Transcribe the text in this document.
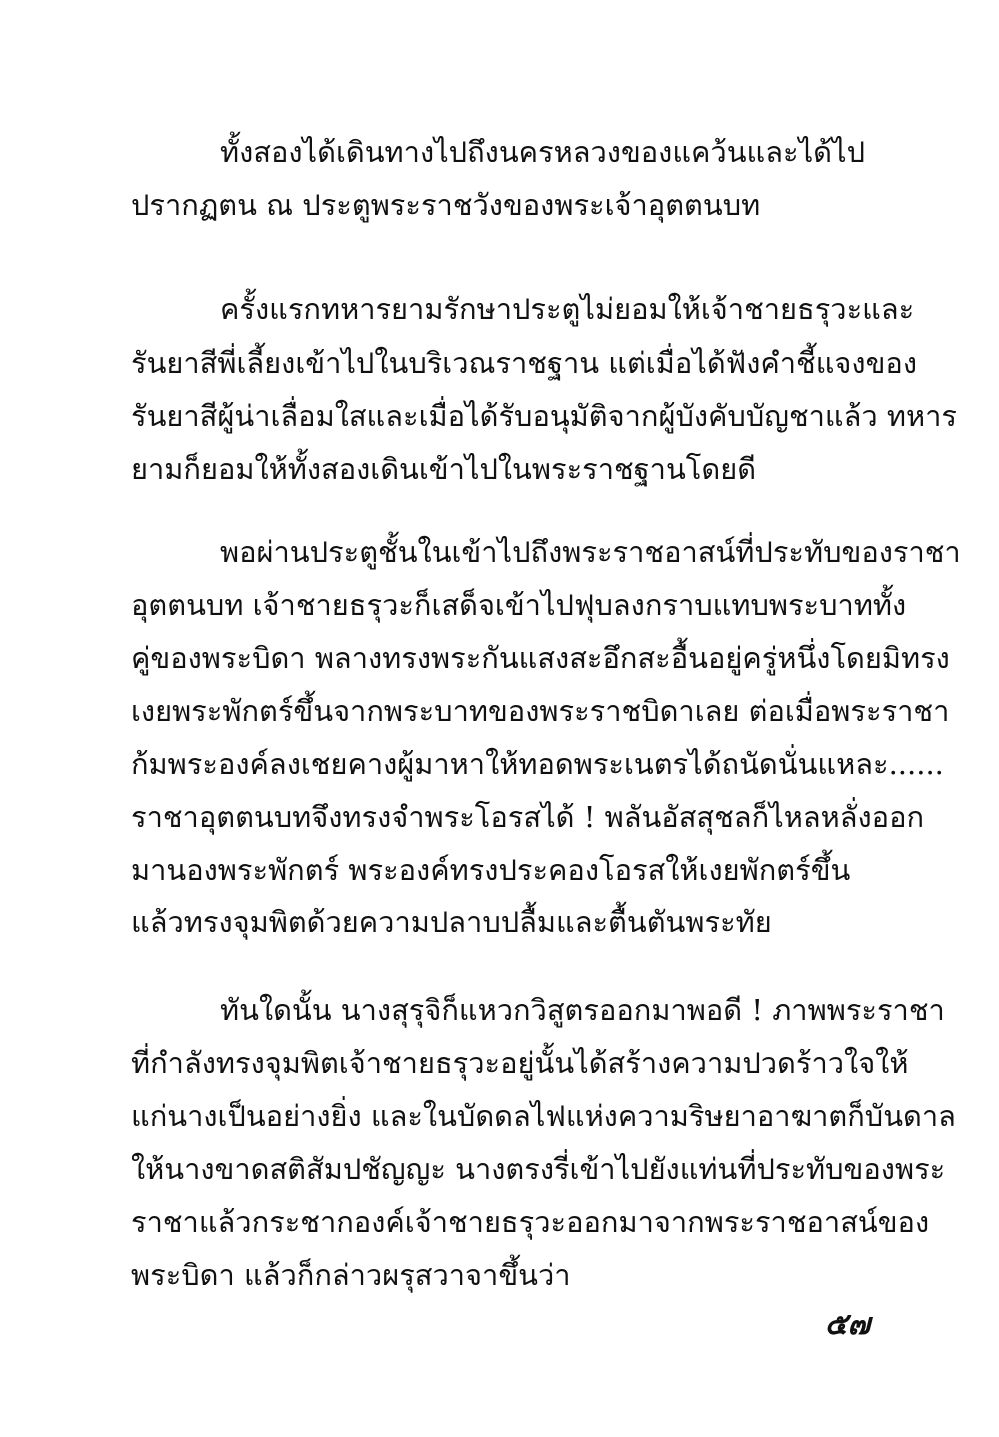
ทั้งสองได้เดินทางไปถึงนครหลวงของแคว้นและได้ไป
ปรากฏตน ณ ประตูพระราชวังของพระเจ้าอุตตนบท
ครั้งแรกทหารยามรักษาประตูไม่ยอมให้เจ้าชายธรุวะและ
รันยาสีพี่เลี้ยงเข้าไปในบริเวณราชฐาน แต่เมื่อได้ฟังคำชี้แจงของ
รันยาสีผู้น่าเลื่อมใสและเมื่อได้รับอนุมัติจากผู้บังคับบัญชาแล้ว ทหาร
ยามก็ยอมให้ทั้งสองเดินเข้าไปในพระราชฐานโดยดี
พอผ่านประตูชั้นในเข้าไปถึงพระราชอาสน์ที่ประทับของราชา
อุตตนบท เจ้าชายธรุวะก็เสด็จเข้าไปฟุบลงกราบแทบพระบาททั้ง
คู่ของพระบิดา พลางทรงพระกันแสงสะอึกสะอื้นอยู่ครู่หนึ่งโดยมิทรง
เงยพระพักตร์ขึ้นจากพระบาทของพระราชบิดาเลย ต่อเมื่อพระราชา
ก้มพระองค์ลงเชยคางผู้มาหาให้ทอดพระเนตรได้ถนัดนั่นแหละ......
ราชาอุตตนบทจึงทรงจำพระโอรสได้ ! พลันอัสสุชลก็ไหลหลั่งออก
มานองพระพักตร์ พระองค์ทรงประคองโอรสให้เงยพักตร์ขึ้น
แล้วทรงจุมพิตด้วยความปลาบปลื้มและตื้นตันพระทัย
ทันใดนั้น นางสุรุจิก็แหวกวิสูตรออกมาพอดี ! ภาพพระราชา
ที่กำลังทรงจุมพิตเจ้าชายธรุวะอยู่นั้นได้สร้างความปวดร้าวใจให้
แก่นางเป็นอย่างยิ่ง และในบัดดลไฟแห่งความริษยาอาฆาตก็บันดาล
ให้นางขาดสติสัมปชัญญะ นางตรงรี่เข้าไปยังแท่นที่ประทับของพระ
ราชาแล้วกระชากองค์เจ้าชายธรุวะออกมาจากพระราชอาสน์ของ
พระบิดา แล้วก็กล่าวผรุสวาจาขึ้นว่า
๕๗
